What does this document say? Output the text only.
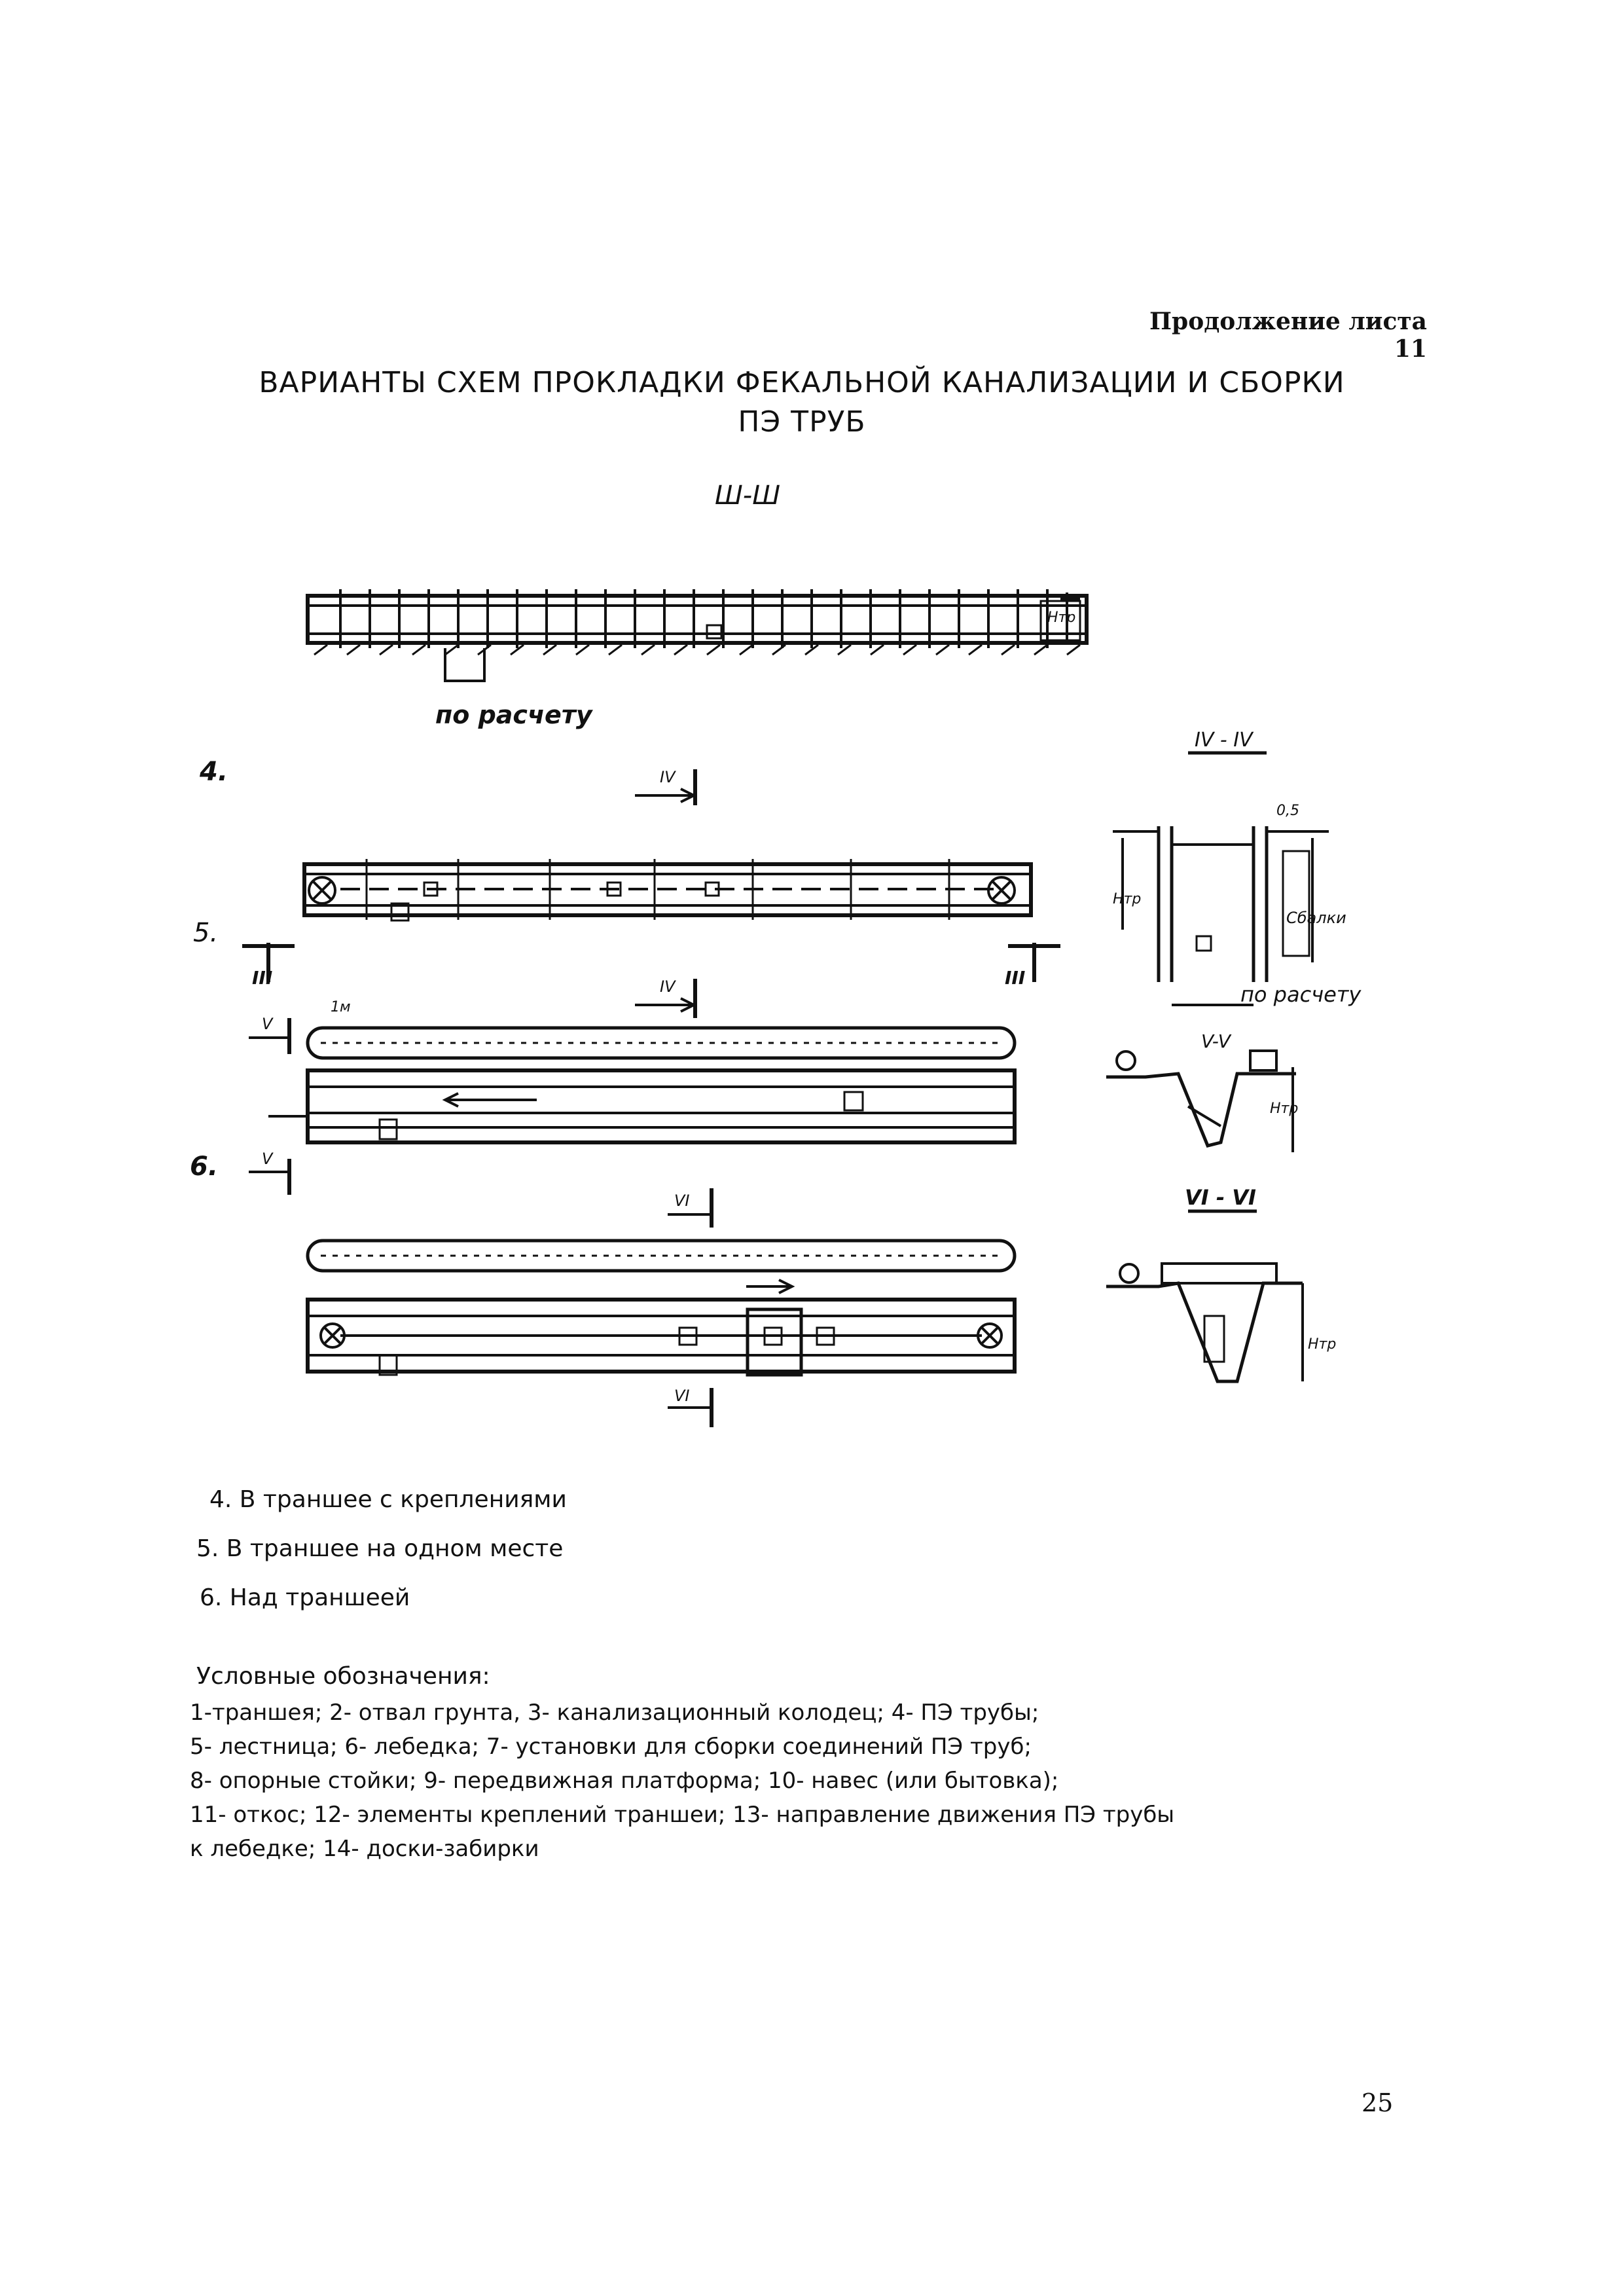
Продолжение листа 11
ВАРИАНТЫ СХЕМ ПРОКЛАДКИ ФЕКАЛЬНОЙ КАНАЛИЗАЦИИ И СБОРКИ
ПЭ ТРУБ
Ш-Ш
по расчету
IV - IV
по расчету
V-V
VI - VI
4.
5.
6.
III	III
IV
IV
V
V
VI
VI
Нтр
Нтр
Сбалки
0,5
Нтр
Нтр
1м
4. В траншее с креплениями
5. В траншее на одном месте
6. Над траншеей
Условные обозначения:
1-траншея; 2- отвал грунта, 3- канализационный колодец; 4- ПЭ трубы;
5- лестница; 6- лебедка; 7- установки для сборки соединений ПЭ труб;
8- опорные стойки; 9- передвижная платформа; 10- навес (или бытовка);
11- откос; 12- элементы креплений траншеи; 13- направление движения ПЭ трубы
к лебедке; 14- доски-забирки
25
